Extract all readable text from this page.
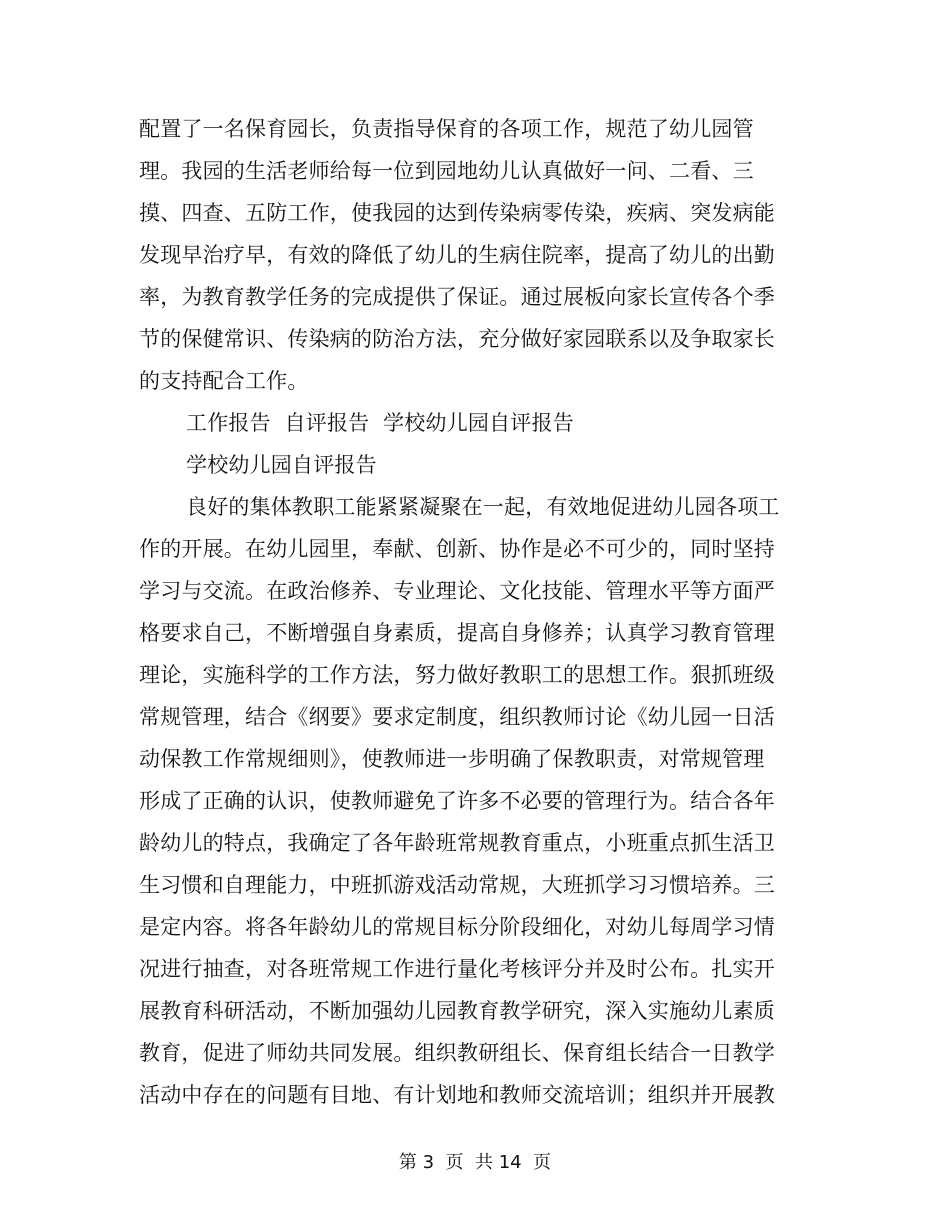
配置了一名保育园长，负责指导保育的各项工作，规范了幼儿园管
理。我园的生活老师给每一位到园地幼儿认真做好一问、二看、三
摸、四查、五防工作，使我园的达到传染病零传染，疾病、突发病能
发现早治疗早，有效的降低了幼儿的生病住院率，提高了幼儿的出勤
率，为教育教学任务的完成提供了保证。通过展板向家长宣传各个季
节的保健常识、传染病的防治方法，充分做好家园联系以及争取家长
的支持配合工作。
工作报告  自评报告  学校幼儿园自评报告
学校幼儿园自评报告
良好的集体教职工能紧紧凝聚在一起，有效地促进幼儿园各项工
作的开展。在幼儿园里，奉献、创新、协作是必不可少的，同时坚持
学习与交流。在政治修养、专业理论、文化技能、管理水平等方面严
格要求自己，不断增强自身素质，提高自身修养；认真学习教育管理
理论，实施科学的工作方法，努力做好教职工的思想工作。狠抓班级
常规管理，结合《纲要》要求定制度，组织教师讨论《幼儿园一日活
动保教工作常规细则》，使教师进一步明确了保教职责，对常规管理
形成了正确的认识，使教师避免了许多不必要的管理行为。结合各年
龄幼儿的特点，我确定了各年龄班常规教育重点，小班重点抓生活卫
生习惯和自理能力，中班抓游戏活动常规，大班抓学习习惯培养。三
是定内容。将各年龄幼儿的常规目标分阶段细化，对幼儿每周学习情
况进行抽查，对各班常规工作进行量化考核评分并及时公布。扎实开
展教育科研活动，不断加强幼儿园教育教学研究，深入实施幼儿素质
教育，促进了师幼共同发展。组织教研组长、保育组长结合一日教学
活动中存在的问题有目地、有计划地和教师交流培训；组织并开展教
第 3  页  共 14  页
